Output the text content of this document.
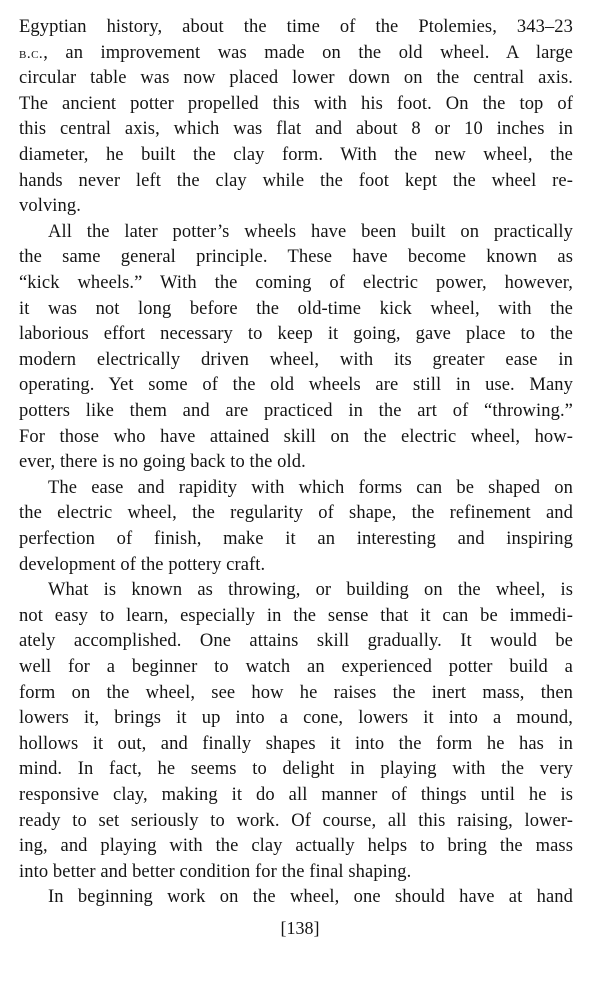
Egyptian history, about the time of the Ptolemies, 343–23
b.c., an improvement was made on the old wheel. A large
circular table was now placed lower down on the central axis.
The ancient potter propelled this with his foot. On the top of
this central axis, which was flat and about 8 or 10 inches in
diameter, he built the clay form. With the new wheel, the
hands never left the clay while the foot kept the wheel re-
volving.
All the later potter’s wheels have been built on practically
the same general principle. These have become known as
“kick wheels.” With the coming of electric power, however,
it was not long before the old-time kick wheel, with the
laborious effort necessary to keep it going, gave place to the
modern electrically driven wheel, with its greater ease in
operating. Yet some of the old wheels are still in use. Many
potters like them and are practiced in the art of “throwing.”
For those who have attained skill on the electric wheel, how-
ever, there is no going back to the old.
The ease and rapidity with which forms can be shaped on
the electric wheel, the regularity of shape, the refinement and
perfection of finish, make it an interesting and inspiring
development of the pottery craft.
What is known as throwing, or building on the wheel, is
not easy to learn, especially in the sense that it can be immedi-
ately accomplished. One attains skill gradually. It would be
well for a beginner to watch an experienced potter build a
form on the wheel, see how he raises the inert mass, then
lowers it, brings it up into a cone, lowers it into a mound,
hollows it out, and finally shapes it into the form he has in
mind. In fact, he seems to delight in playing with the very
responsive clay, making it do all manner of things until he is
ready to set seriously to work. Of course, all this raising, lower-
ing, and playing with the clay actually helps to bring the mass
into better and better condition for the final shaping.
In beginning work on the wheel, one should have at hand
[138]
